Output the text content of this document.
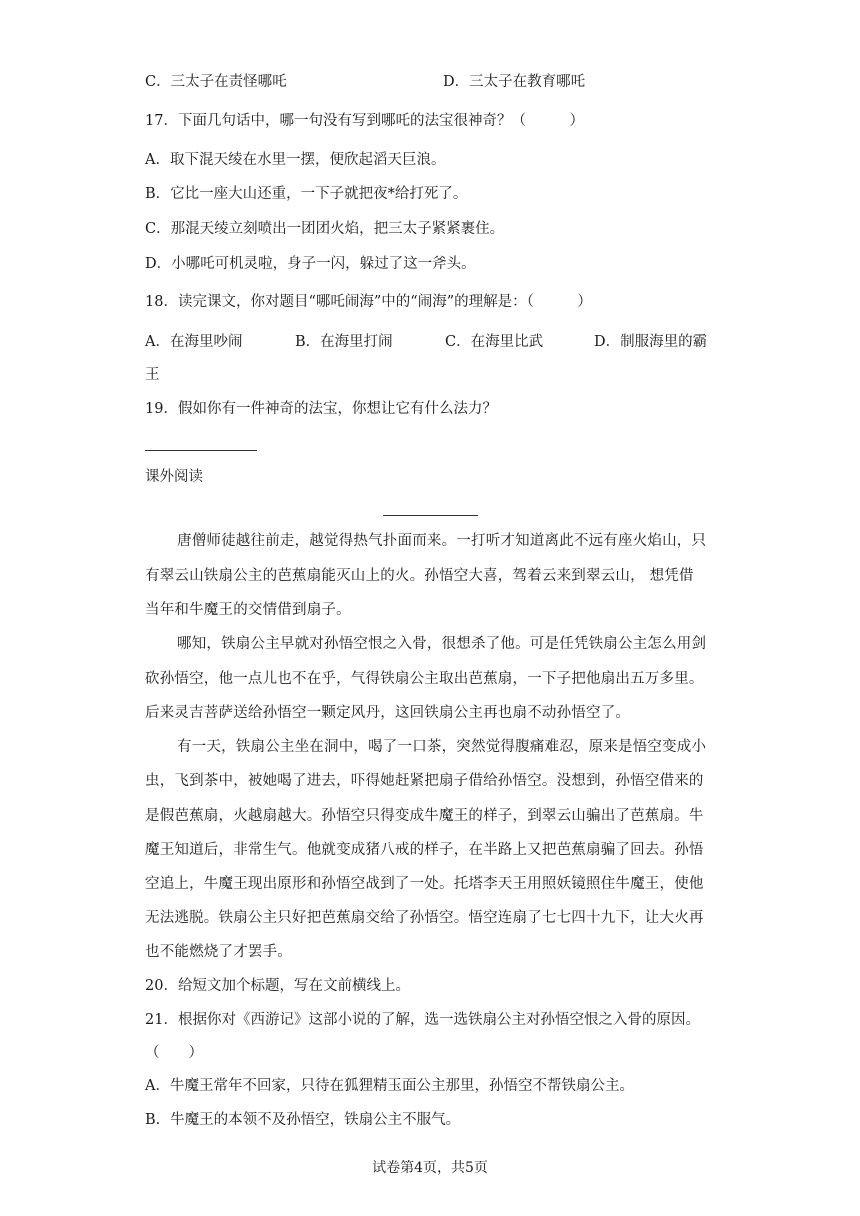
C．三太子在责怪哪吒	D．三太子在教育哪吒
17．下面几句话中，哪一句没有写到哪吒的法宝很神奇？（　　　）
A．取下混天绫在水里一摆，便欣起滔天巨浪。
B．它比一座大山还重，一下子就把夜*给打死了。
C．那混天绫立刻喷出一团团火焰，把三太子紧紧裹住。
D．小哪吒可机灵啦，身子一闪，躲过了这一斧头。
18．读完课文，你对题目“哪吒闹海”中的“闹海”的理解是：（　　　）
A．在海里吵闹	B．在海里打闹	C．在海里比武	D．制服海里的霸
王
19．假如你有一件神奇的法宝，你想让它有什么法力？
课外阅读
唐僧师徒越往前走，越觉得热气扑面而来。一打听才知道离此不远有座火焰山，只
有翠云山铁扇公主的芭蕉扇能灭山上的火。孙悟空大喜，驾着云来到翠云山， 想凭借
当年和牛魔王的交情借到扇子。
哪知，铁扇公主早就对孙悟空恨之入骨，很想杀了他。可是任凭铁扇公主怎么用剑
砍孙悟空，他一点儿也不在乎，气得铁扇公主取出芭蕉扇，一下子把他扇出五万多里。
后来灵吉菩萨送给孙悟空一颗定风丹，这回铁扇公主再也扇不动孙悟空了。
有一天，铁扇公主坐在洞中，喝了一口茶，突然觉得腹痛难忍，原来是悟空变成小
虫，飞到茶中，被她喝了进去，吓得她赶紧把扇子借给孙悟空。没想到，孙悟空借来的
是假芭蕉扇，火越扇越大。孙悟空只得变成牛魔王的样子，到翠云山骗出了芭蕉扇。牛
魔王知道后，非常生气。他就变成猪八戒的样子，在半路上又把芭蕉扇骗了回去。孙悟
空追上，牛魔王现出原形和孙悟空战到了一处。托塔李天王用照妖镜照住牛魔王，使他
无法逃脱。铁扇公主只好把芭蕉扇交给了孙悟空。悟空连扇了七七四十九下，让大火再
也不能燃烧了才罢手。
20．给短文加个标题，写在文前横线上。
21．根据你对《西游记》这部小说的了解，选一选铁扇公主对孙悟空恨之入骨的原因。
（　　）
A．牛魔王常年不回家，只待在狐狸精玉面公主那里，孙悟空不帮铁扇公主。
B．牛魔王的本领不及孙悟空，铁扇公主不服气。
试卷第4页，共5页
